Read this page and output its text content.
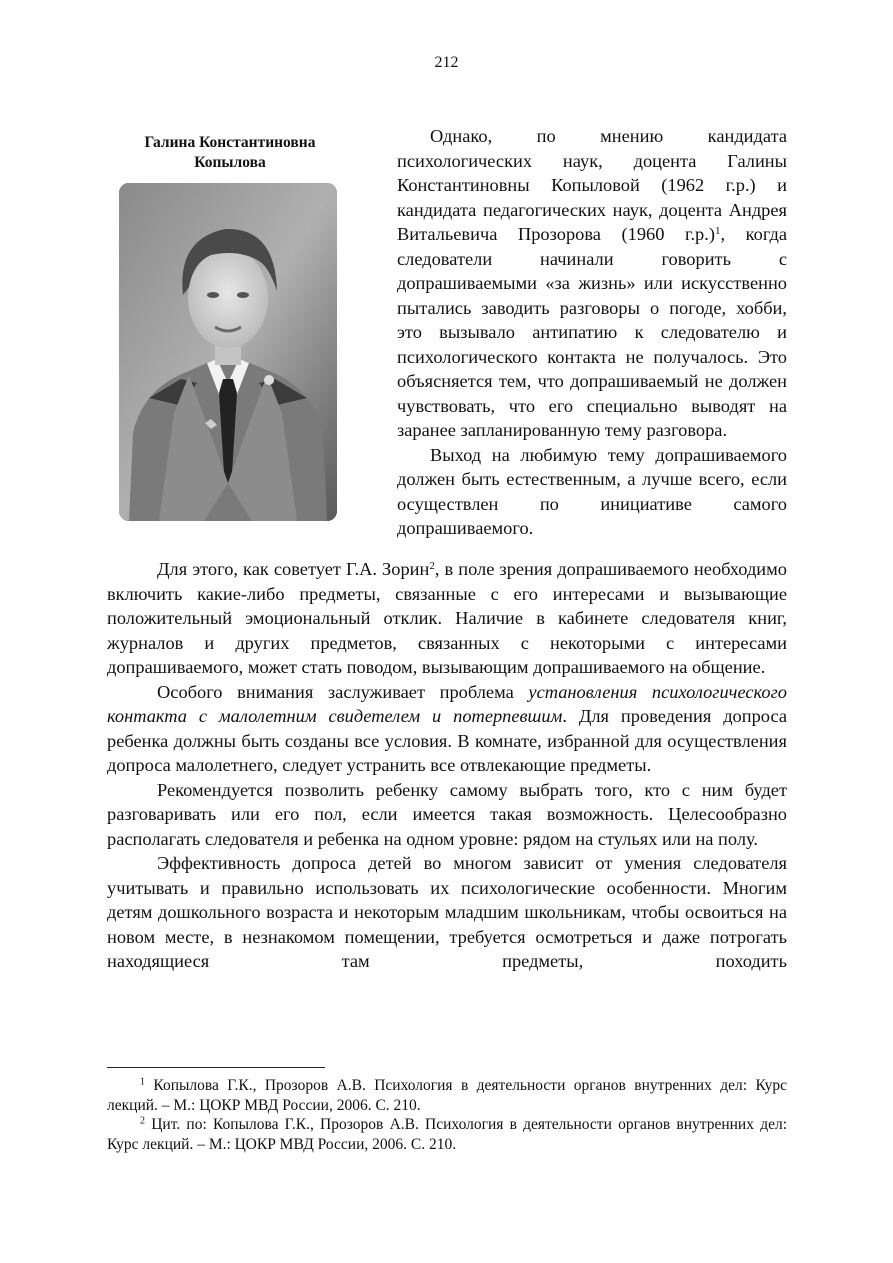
212
Галина Константиновна
Копылова

Однако, по мнению кандидата психологических наук, доцента Галины Константиновны Копыловой (1962 г.р.) и кандидата педагогических наук, доцента Андрея Витальевича Прозорова (1960 г.р.)$^1$, когда следователи начинали говорить с допрашиваемыми «за жизнь» или искусственно пытались заводить разговоры о погоде, хобби, это вызывало антипатию к следователю и психологического контакта не получалось. Это объясняется тем, что допрашиваемый не должен чувствовать, что его специально выводят на заранее запланированную тему разговора.

Выход на любимую тему допрашиваемого должен быть естественным, а лучше всего, если осуществлен по инициативе самого допрашиваемого.

Для этого, как советует Г.А. Зорин$^2$, в поле зрения допрашиваемого необходимо включить какие-либо предметы, связанные с его интересами и вызывающие положительный эмоциональный отклик. Наличие в кабинете следователя книг, журналов и других предметов, связанных с некоторыми с интересами допрашиваемого, может стать поводом, вызывающим допрашиваемого на общение.

Особого внимания заслуживает проблема установления психологического контакта с малолетним свидетелем и потерпевшим. Для проведения допроса ребенка должны быть созданы все условия. В комнате, избранной для осуществления допроса малолетнего, следует устранить все отвлекающие предметы.

Рекомендуется позволить ребенку самому выбрать того, кто с ним будет разговаривать или его пол, если имеется такая возможность. Целесообразно располагать следователя и ребенка на одном уровне: рядом на стульях или на полу.

Эффективность допроса детей во многом зависит от умения следователя учитывать и правильно использовать их психологические особенности. Многим детям дошкольного возраста и некоторым младшим школьникам, чтобы освоиться на новом месте, в незнакомом помещении, требуется осмотреться и даже потрогать находящиеся там предметы, походить

$^1$ Копылова Г.К., Прозоров А.В. Психология в деятельности органов внутренних дел: Курс лекций. – М.: ЦОКР МВД России, 2006. С. 210.

$^2$ Цит. по: Копылова Г.К., Прозоров А.В. Психология в деятельности органов внутренних дел: Курс лекций. – М.: ЦОКР МВД России, 2006. С. 210.
